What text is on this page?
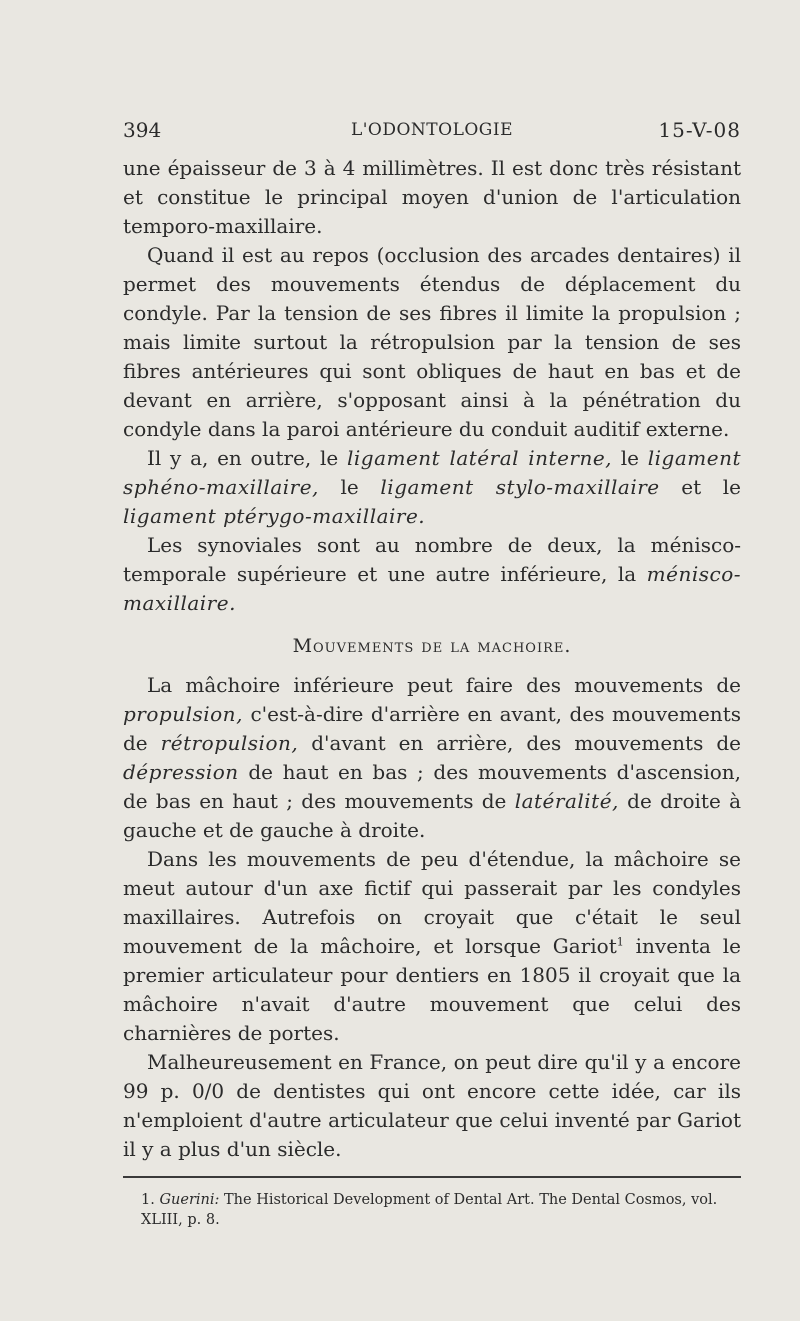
394	L'ODONTOLOGIE	15-V-08

une épaisseur de 3 à 4 millimètres. Il est donc très résistant et constitue le principal moyen d'union de l'articulation temporo-maxillaire.

Quand il est au repos (occlusion des arcades dentaires) il permet des mouvements étendus de déplacement du condyle. Par la tension de ses fibres il limite la propulsion ; mais limite surtout la rétropulsion par la tension de ses fibres antérieures qui sont obliques de haut en bas et de devant en arrière, s'opposant ainsi à la pénétration du condyle dans la paroi antérieure du conduit auditif externe.

Il y a, en outre, le ligament latéral interne, le ligament sphéno-maxillaire, le ligament stylo-maxillaire et le ligament ptérygo-maxillaire.

Les synoviales sont au nombre de deux, la ménisco-temporale supérieure et une autre inférieure, la ménisco-maxillaire.

Mouvements de la machoire.

La mâchoire inférieure peut faire des mouvements de propulsion, c'est-à-dire d'arrière en avant, des mouvements de rétropulsion, d'avant en arrière, des mouvements de dépression de haut en bas ; des mouvements d'ascension, de bas en haut ; des mouvements de latéralité, de droite à gauche et de gauche à droite.

Dans les mouvements de peu d'étendue, la mâchoire se meut autour d'un axe fictif qui passerait par les condyles maxillaires. Autrefois on croyait que c'était le seul mouvement de la mâchoire, et lorsque Gariot$^1$ inventa le premier articulateur pour dentiers en 1805 il croyait que la mâchoire n'avait d'autre mouvement que celui des charnières de portes.

Malheureusement en France, on peut dire qu'il y a encore 99 p. 0/0 de dentistes qui ont encore cette idée, car ils n'emploient d'autre articulateur que celui inventé par Gariot il y a plus d'un siècle.

1. Guerini: The Historical Development of Dental Art. The Dental Cosmos, vol. XLIII, p. 8.
